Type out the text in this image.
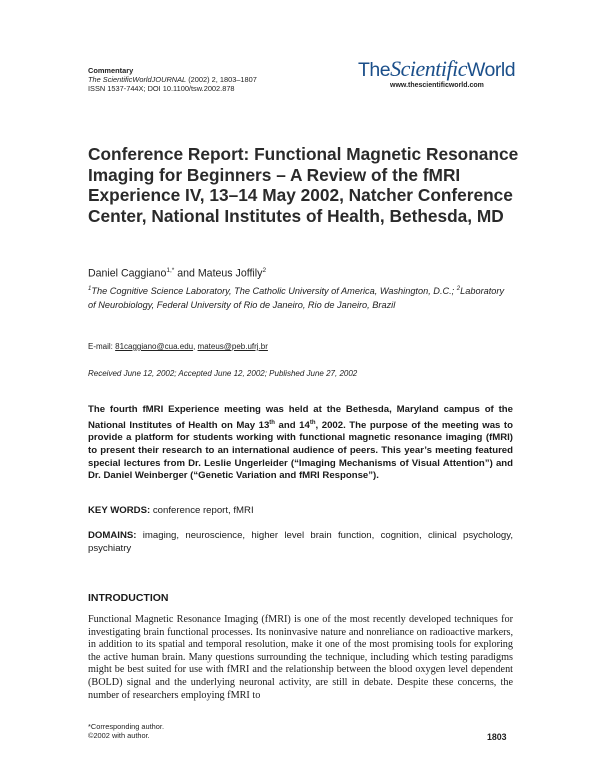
Commentary
The ScientificWorldJOURNAL (2002) 2, 1803–1807
ISSN 1537-744X; DOI 10.1100/tsw.2002.878
TheScientificWorld
www.thescientificworld.com
Conference Report: Functional Magnetic Resonance Imaging for Beginners – A Review of the fMRI Experience IV, 13–14 May 2002, Natcher Conference Center, National Institutes of Health, Bethesda, MD
Daniel Caggiano$^{1,*}$ and Mateus Joffily$^2$
$^1$The Cognitive Science Laboratory, The Catholic University of America, Washington, D.C.; $^2$Laboratory of Neurobiology, Federal University of Rio de Janeiro, Rio de Janeiro, Brazil
E-mail: 81caggiano@cua.edu, mateus@peb.ufrj.br
Received June 12, 2002; Accepted June 12, 2002; Published June 27, 2002
The fourth fMRI Experience meeting was held at the Bethesda, Maryland campus of the National Institutes of Health on May 13th and 14th, 2002. The purpose of the meeting was to provide a platform for students working with functional magnetic resonance imaging (fMRI) to present their research to an international audience of peers. This year’s meeting featured special lectures from Dr. Leslie Ungerleider (“Imaging Mechanisms of Visual Attention”) and Dr. Daniel Weinberger (“Genetic Variation and fMRI Response”).
KEY WORDS: conference report, fMRI
DOMAINS: imaging, neuroscience, higher level brain function, cognition, clinical psychology, psychiatry
INTRODUCTION
Functional Magnetic Resonance Imaging (fMRI) is one of the most recently developed techniques for investigating brain functional processes. Its noninvasive nature and nonreliance on radioactive markers, in addition to its spatial and temporal resolution, make it one of the most promising tools for exploring the active human brain. Many questions surrounding the technique, including which testing paradigms might be best suited for use with fMRI and the relationship between the blood oxygen level dependent (BOLD) signal and the underlying neuronal activity, are still in debate. Despite these concerns, the number of researchers employing fMRI to
*Corresponding author.
©2002 with author.	1803
